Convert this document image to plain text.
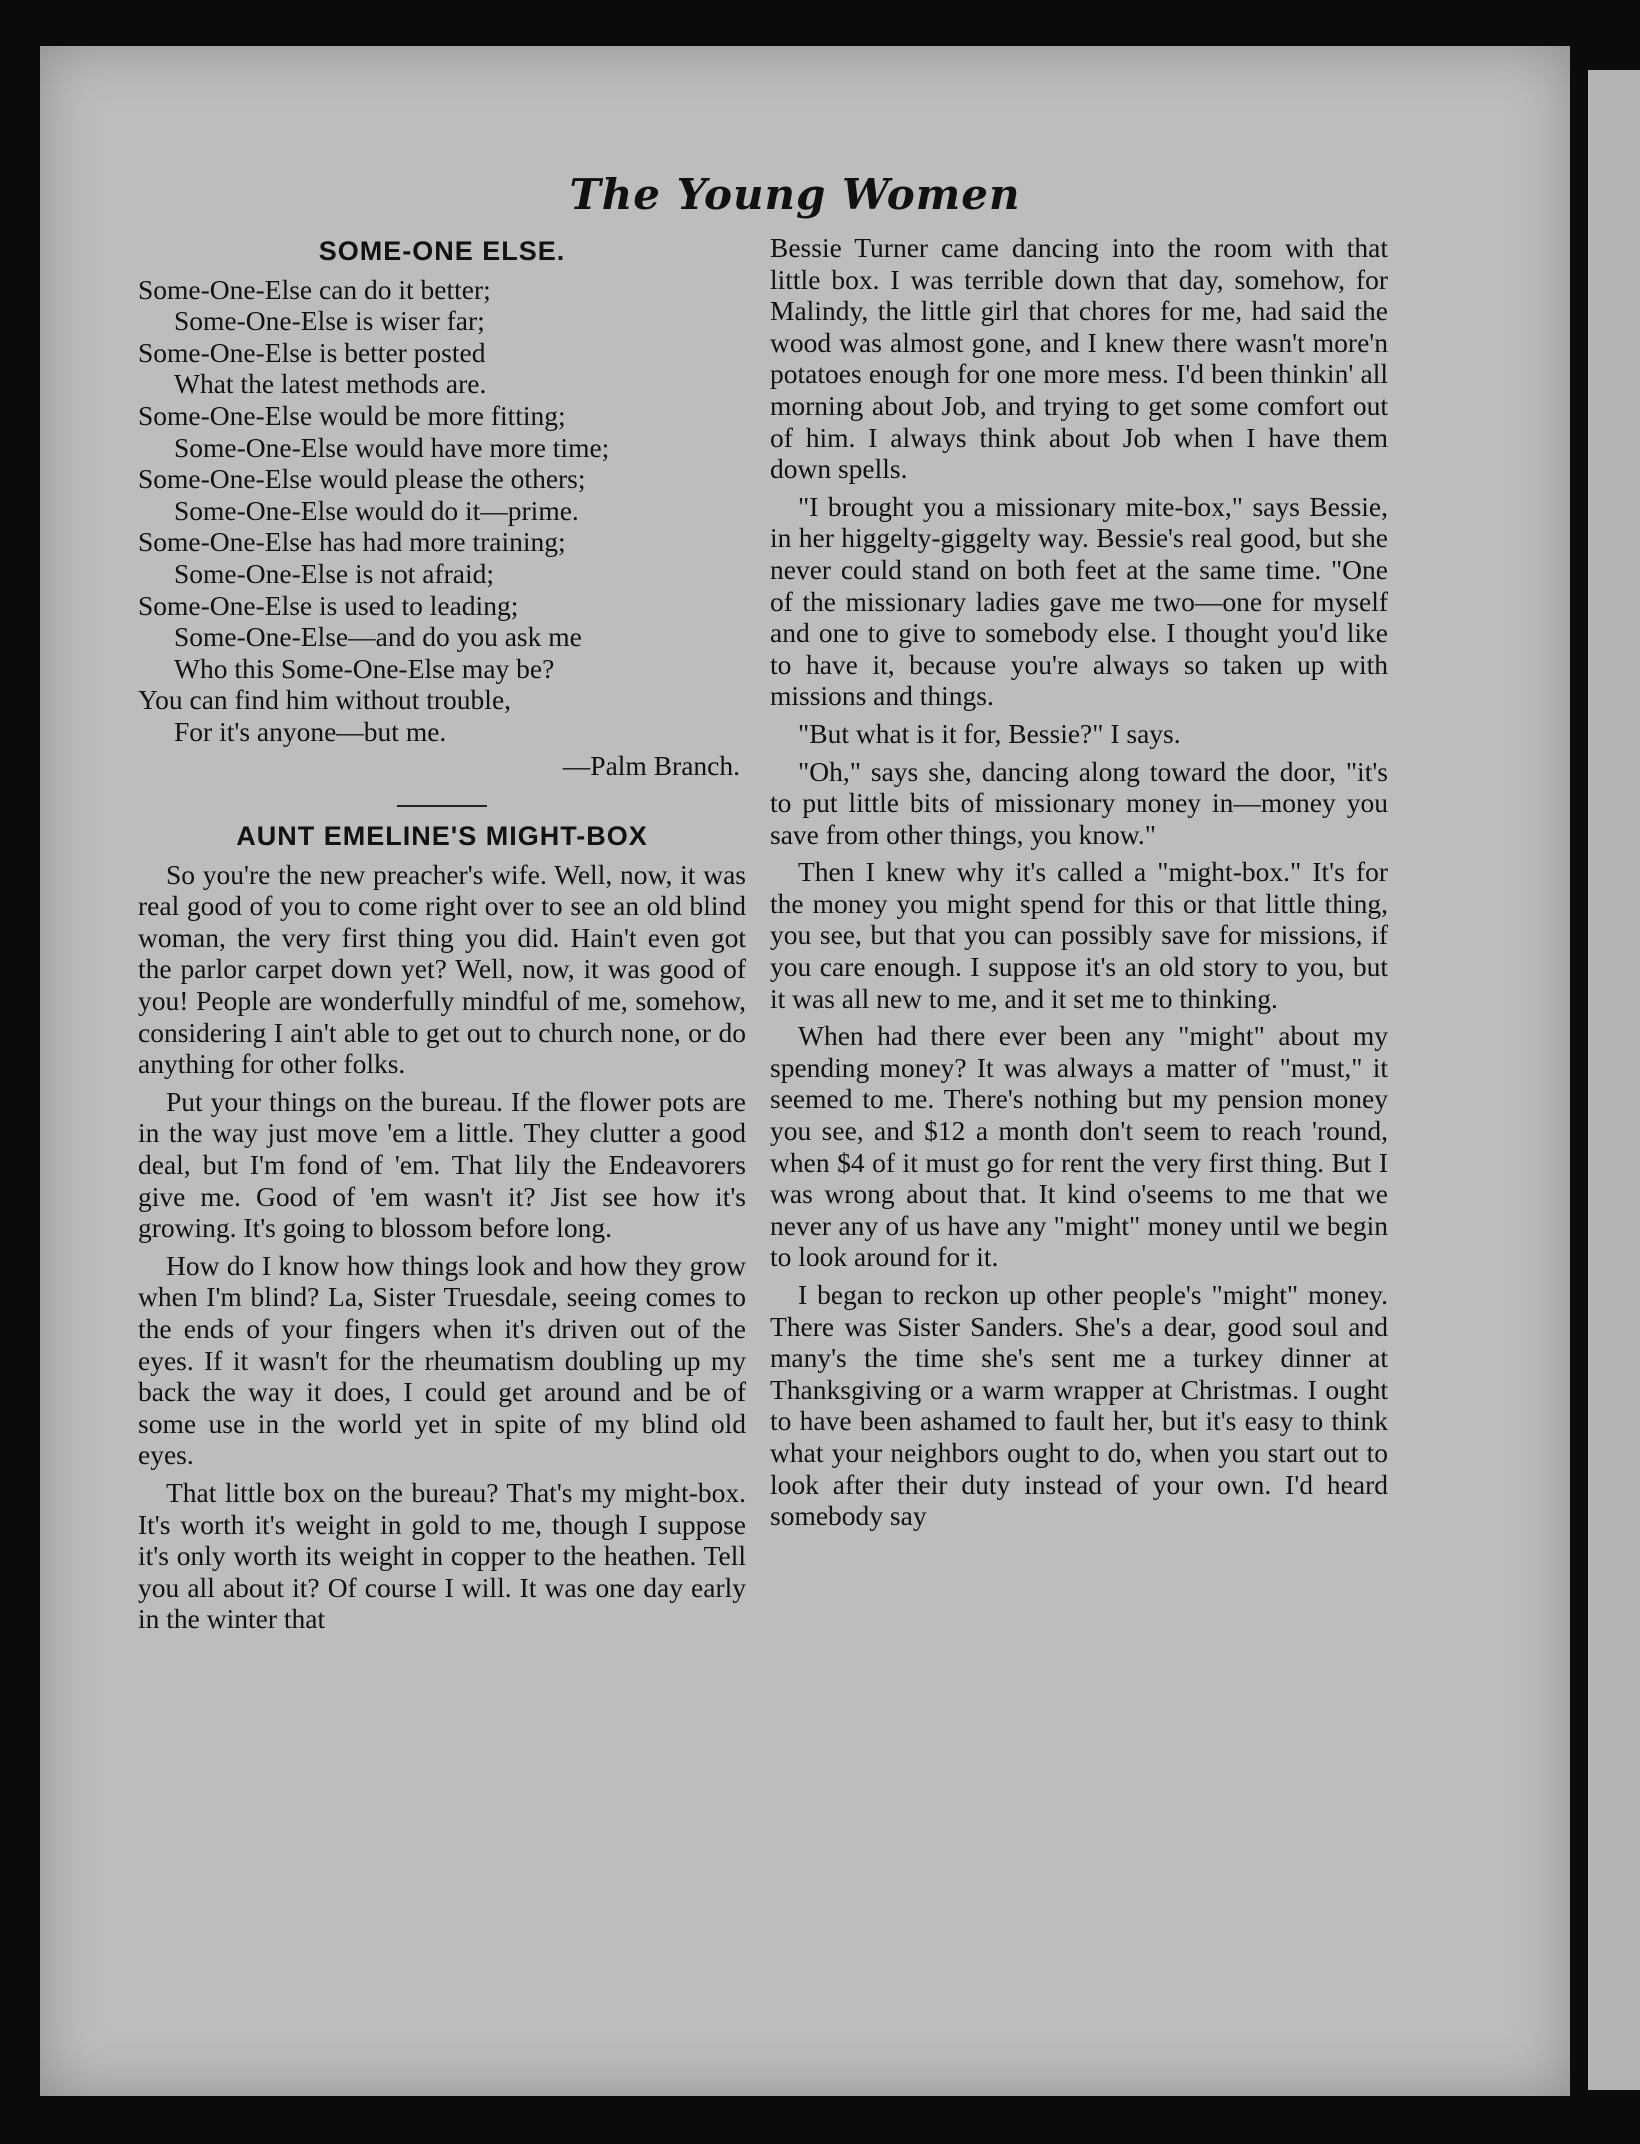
The Young Women
SOME-ONE ELSE.
Some-One-Else can do it better;
Some-One-Else is wiser far;
Some-One-Else is better posted
What the latest methods are.
Some-One-Else would be more fitting;
Some-One-Else would have more time;
Some-One-Else would please the others;
Some-One-Else would do it—prime.
Some-One-Else has had more training;
Some-One-Else is not afraid;
Some-One-Else is used to leading;
Some-One-Else—and do you ask me
Who this Some-One-Else may be?
You can find him without trouble,
For it's anyone—but me.
—Palm Branch.
AUNT EMELINE'S MIGHT-BOX

So you're the new preacher's wife. Well, now, it was real good of you to come right over to see an old blind woman, the very first thing you did. Hain't even got the parlor carpet down yet? Well, now, it was good of you! People are wonderfully mindful of me, somehow, considering I ain't able to get out to church none, or do anything for other folks.

Put your things on the bureau. If the flower pots are in the way just move 'em a little. They clutter a good deal, but I'm fond of 'em. That lily the Endeavorers give me. Good of 'em wasn't it? Jist see how it's growing. It's going to blossom before long.

How do I know how things look and how they grow when I'm blind? La, Sister Truesdale, seeing comes to the ends of your fingers when it's driven out of the eyes. If it wasn't for the rheumatism doubling up my back the way it does, I could get around and be of some use in the world yet in spite of my blind old eyes.

That little box on the bureau? That's my might-box. It's worth it's weight in gold to me, though I suppose it's only worth its weight in copper to the heathen. Tell you all about it? Of course I will. It was one day early in the winter that

Bessie Turner came dancing into the room with that little box. I was terrible down that day, somehow, for Malindy, the little girl that chores for me, had said the wood was almost gone, and I knew there wasn't more'n potatoes enough for one more mess. I'd been thinkin' all morning about Job, and trying to get some comfort out of him. I always think about Job when I have them down spells.

"I brought you a missionary mite-box," says Bessie, in her higgelty-giggelty way. Bessie's real good, but she never could stand on both feet at the same time. "One of the missionary ladies gave me two—one for myself and one to give to somebody else. I thought you'd like to have it, because you're always so taken up with missions and things.

"But what is it for, Bessie?" I says.

"Oh," says she, dancing along toward the door, "it's to put little bits of missionary money in—money you save from other things, you know."

Then I knew why it's called a "might-box." It's for the money you might spend for this or that little thing, you see, but that you can possibly save for missions, if you care enough. I suppose it's an old story to you, but it was all new to me, and it set me to thinking.

When had there ever been any "might" about my spending money? It was always a matter of "must," it seemed to me. There's nothing but my pension money you see, and $12 a month don't seem to reach 'round, when $4 of it must go for rent the very first thing. But I was wrong about that. It kind o'seems to me that we never any of us have any "might" money until we begin to look around for it.

I began to reckon up other people's "might" money. There was Sister Sanders. She's a dear, good soul and many's the time she's sent me a turkey dinner at Thanksgiving or a warm wrapper at Christmas. I ought to have been ashamed to fault her, but it's easy to think what your neighbors ought to do, when you start out to look after their duty instead of your own. I'd heard somebody say
